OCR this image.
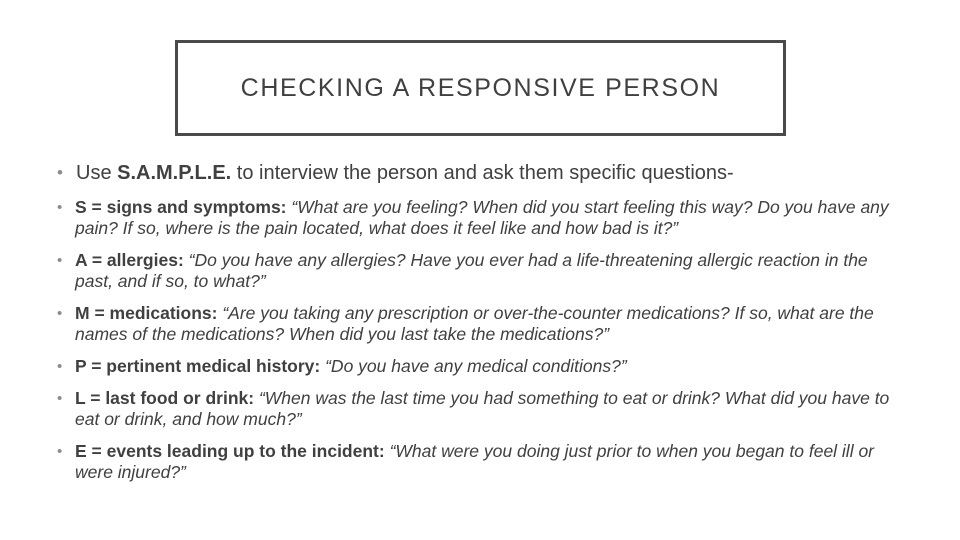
CHECKING A RESPONSIVE PERSON
• Use S.A.M.P.L.E. to interview the person and ask them specific questions-
• S = signs and symptoms: “What are you feeling? When did you start feeling this way? Do you have any pain? If so, where is the pain located, what does it feel like and how bad is it?”
• A = allergies: “Do you have any allergies? Have you ever had a life-threatening allergic reaction in the past, and if so, to what?”
• M = medications: “Are you taking any prescription or over-the-counter medications? If so, what are the names of the medications? When did you last take the medications?”
• P = pertinent medical history: “Do you have any medical conditions?”
• L = last food or drink: “When was the last time you had something to eat or drink? What did you have to eat or drink, and how much?”
• E = events leading up to the incident: “What were you doing just prior to when you began to feel ill or were injured?”
